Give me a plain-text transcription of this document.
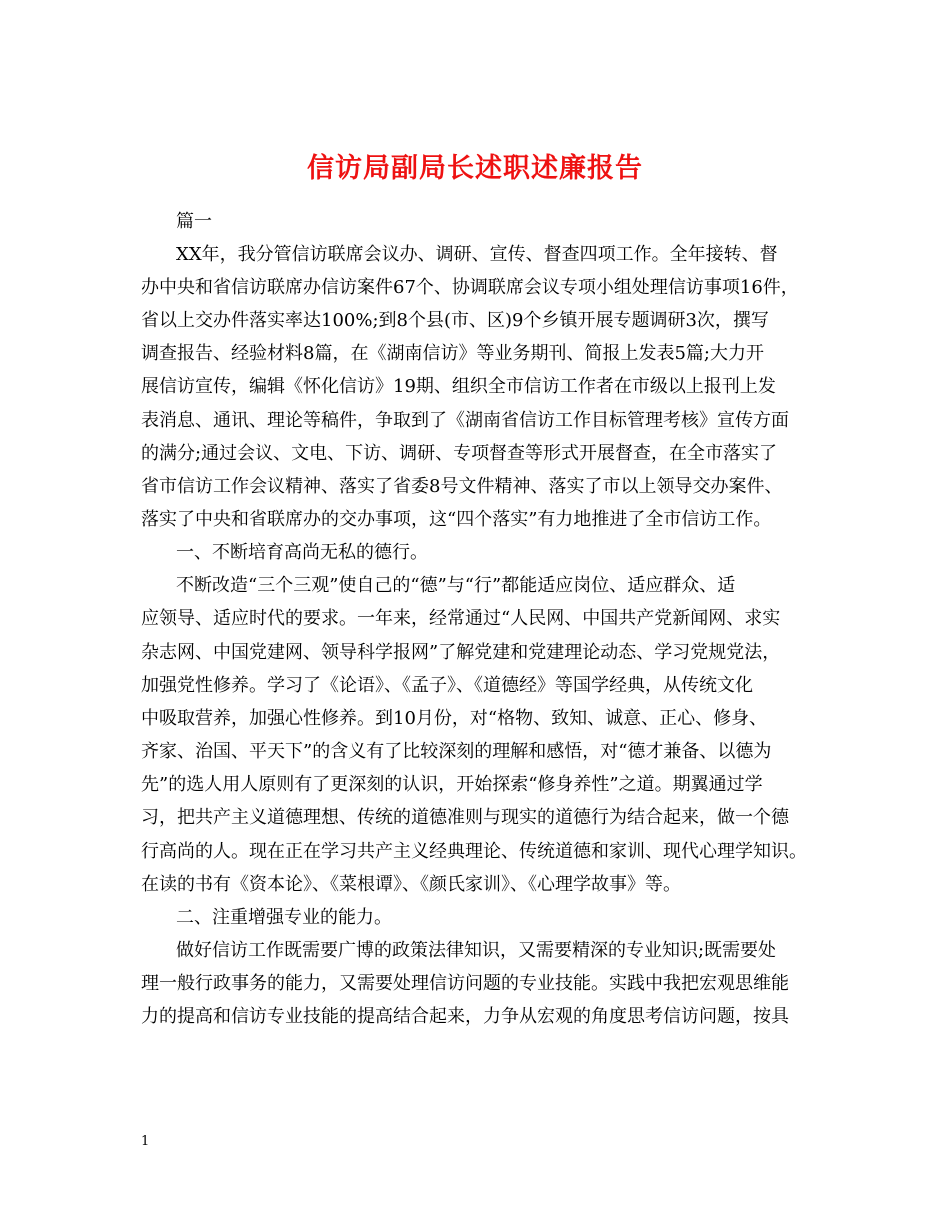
信访局副局长述职述廉报告

篇一

XX年，我分管信访联席会议办、调研、宣传、督查四项工作。全年接转、督

办中央和省信访联席办信访案件67个、协调联席会议专项小组处理信访事项16件，

省以上交办件落实率达100%;到8个县(市、区)9个乡镇开展专题调研3次，撰写

调查报告、经验材料8篇，在《湖南信访》等业务期刊、简报上发表5篇;大力开

展信访宣传，编辑《怀化信访》19期、组织全市信访工作者在市级以上报刊上发

表消息、通讯、理论等稿件，争取到了《湖南省信访工作目标管理考核》宣传方面

的满分;通过会议、文电、下访、调研、专项督查等形式开展督查，在全市落实了

省市信访工作会议精神、落实了省委8号文件精神、落实了市以上领导交办案件、

落实了中央和省联席办的交办事项，这“四个落实”有力地推进了全市信访工作。

一、不断培育高尚无私的德行。

不断改造“三个三观”使自己的“德”与“行”都能适应岗位、适应群众、适

应领导、适应时代的要求。一年来，经常通过“人民网、中国共产党新闻网、求实

杂志网、中国党建网、领导科学报网”了解党建和党建理论动态、学习党规党法，

加强党性修养。学习了《论语》、《孟子》、《道德经》等国学经典，从传统文化

中吸取营养，加强心性修养。到10月份，对“格物、致知、诚意、正心、修身、

齐家、治国、平天下”的含义有了比较深刻的理解和感悟，对“德才兼备、以德为

先”的选人用人原则有了更深刻的认识，开始探索“修身养性”之道。期翼通过学

习，把共产主义道德理想、传统的道德准则与现实的道德行为结合起来，做一个德

行高尚的人。现在正在学习共产主义经典理论、传统道德和家训、现代心理学知识。

在读的书有《资本论》、《菜根谭》、《颜氏家训》、《心理学故事》等。

二、注重增强专业的能力。

做好信访工作既需要广博的政策法律知识，又需要精深的专业知识;既需要处

理一般行政事务的能力，又需要处理信访问题的专业技能。实践中我把宏观思维能

力的提高和信访专业技能的提高结合起来，力争从宏观的角度思考信访问题，按具

1
